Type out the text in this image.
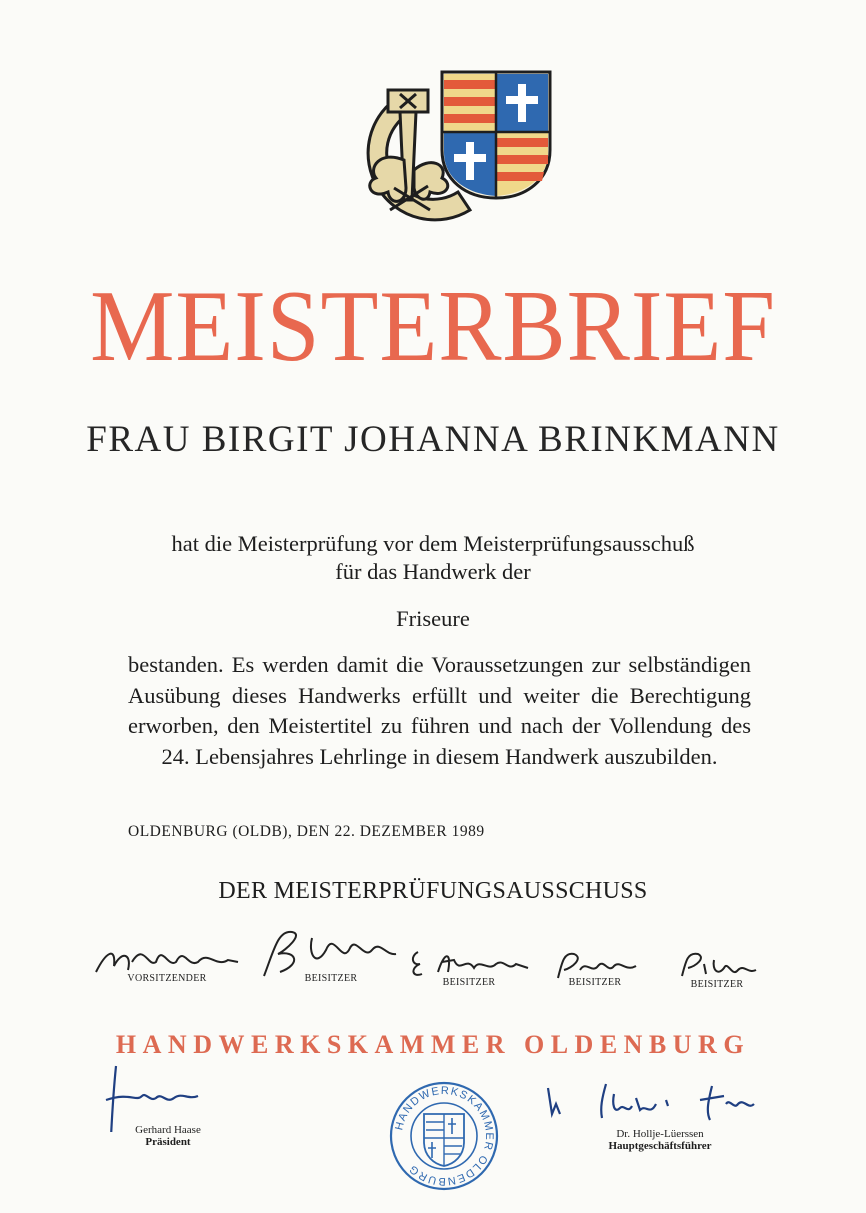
MEISTERBRIEF
FRAU BIRGIT JOHANNA BRINKMANN
hat die Meisterprüfung vor dem Meisterprüfungsausschuß
für das Handwerk der
Friseure
bestanden. Es werden damit die Voraussetzungen zur selbständigen Ausübung dieses Handwerks erfüllt und weiter die Berechtigung erworben, den Meistertitel zu führen und nach der Vollendung des 24. Lebensjahres Lehrlinge in diesem Handwerk auszubilden.
OLDENBURG (OLDB), DEN 22. DEZEMBER 1989
DER MEISTERPRÜFUNGSAUSSCHUSS
VORSITZENDER	BEISITZER	BEISITZER	BEISITZER	BEISITZER
HANDWERKSKAMMER OLDENBURG
Gerhard Haase
Präsident
HANDWERKSKAMMER OLDENBURG
Dr. Hollje-Lüerssen
Hauptgeschäftsführer
